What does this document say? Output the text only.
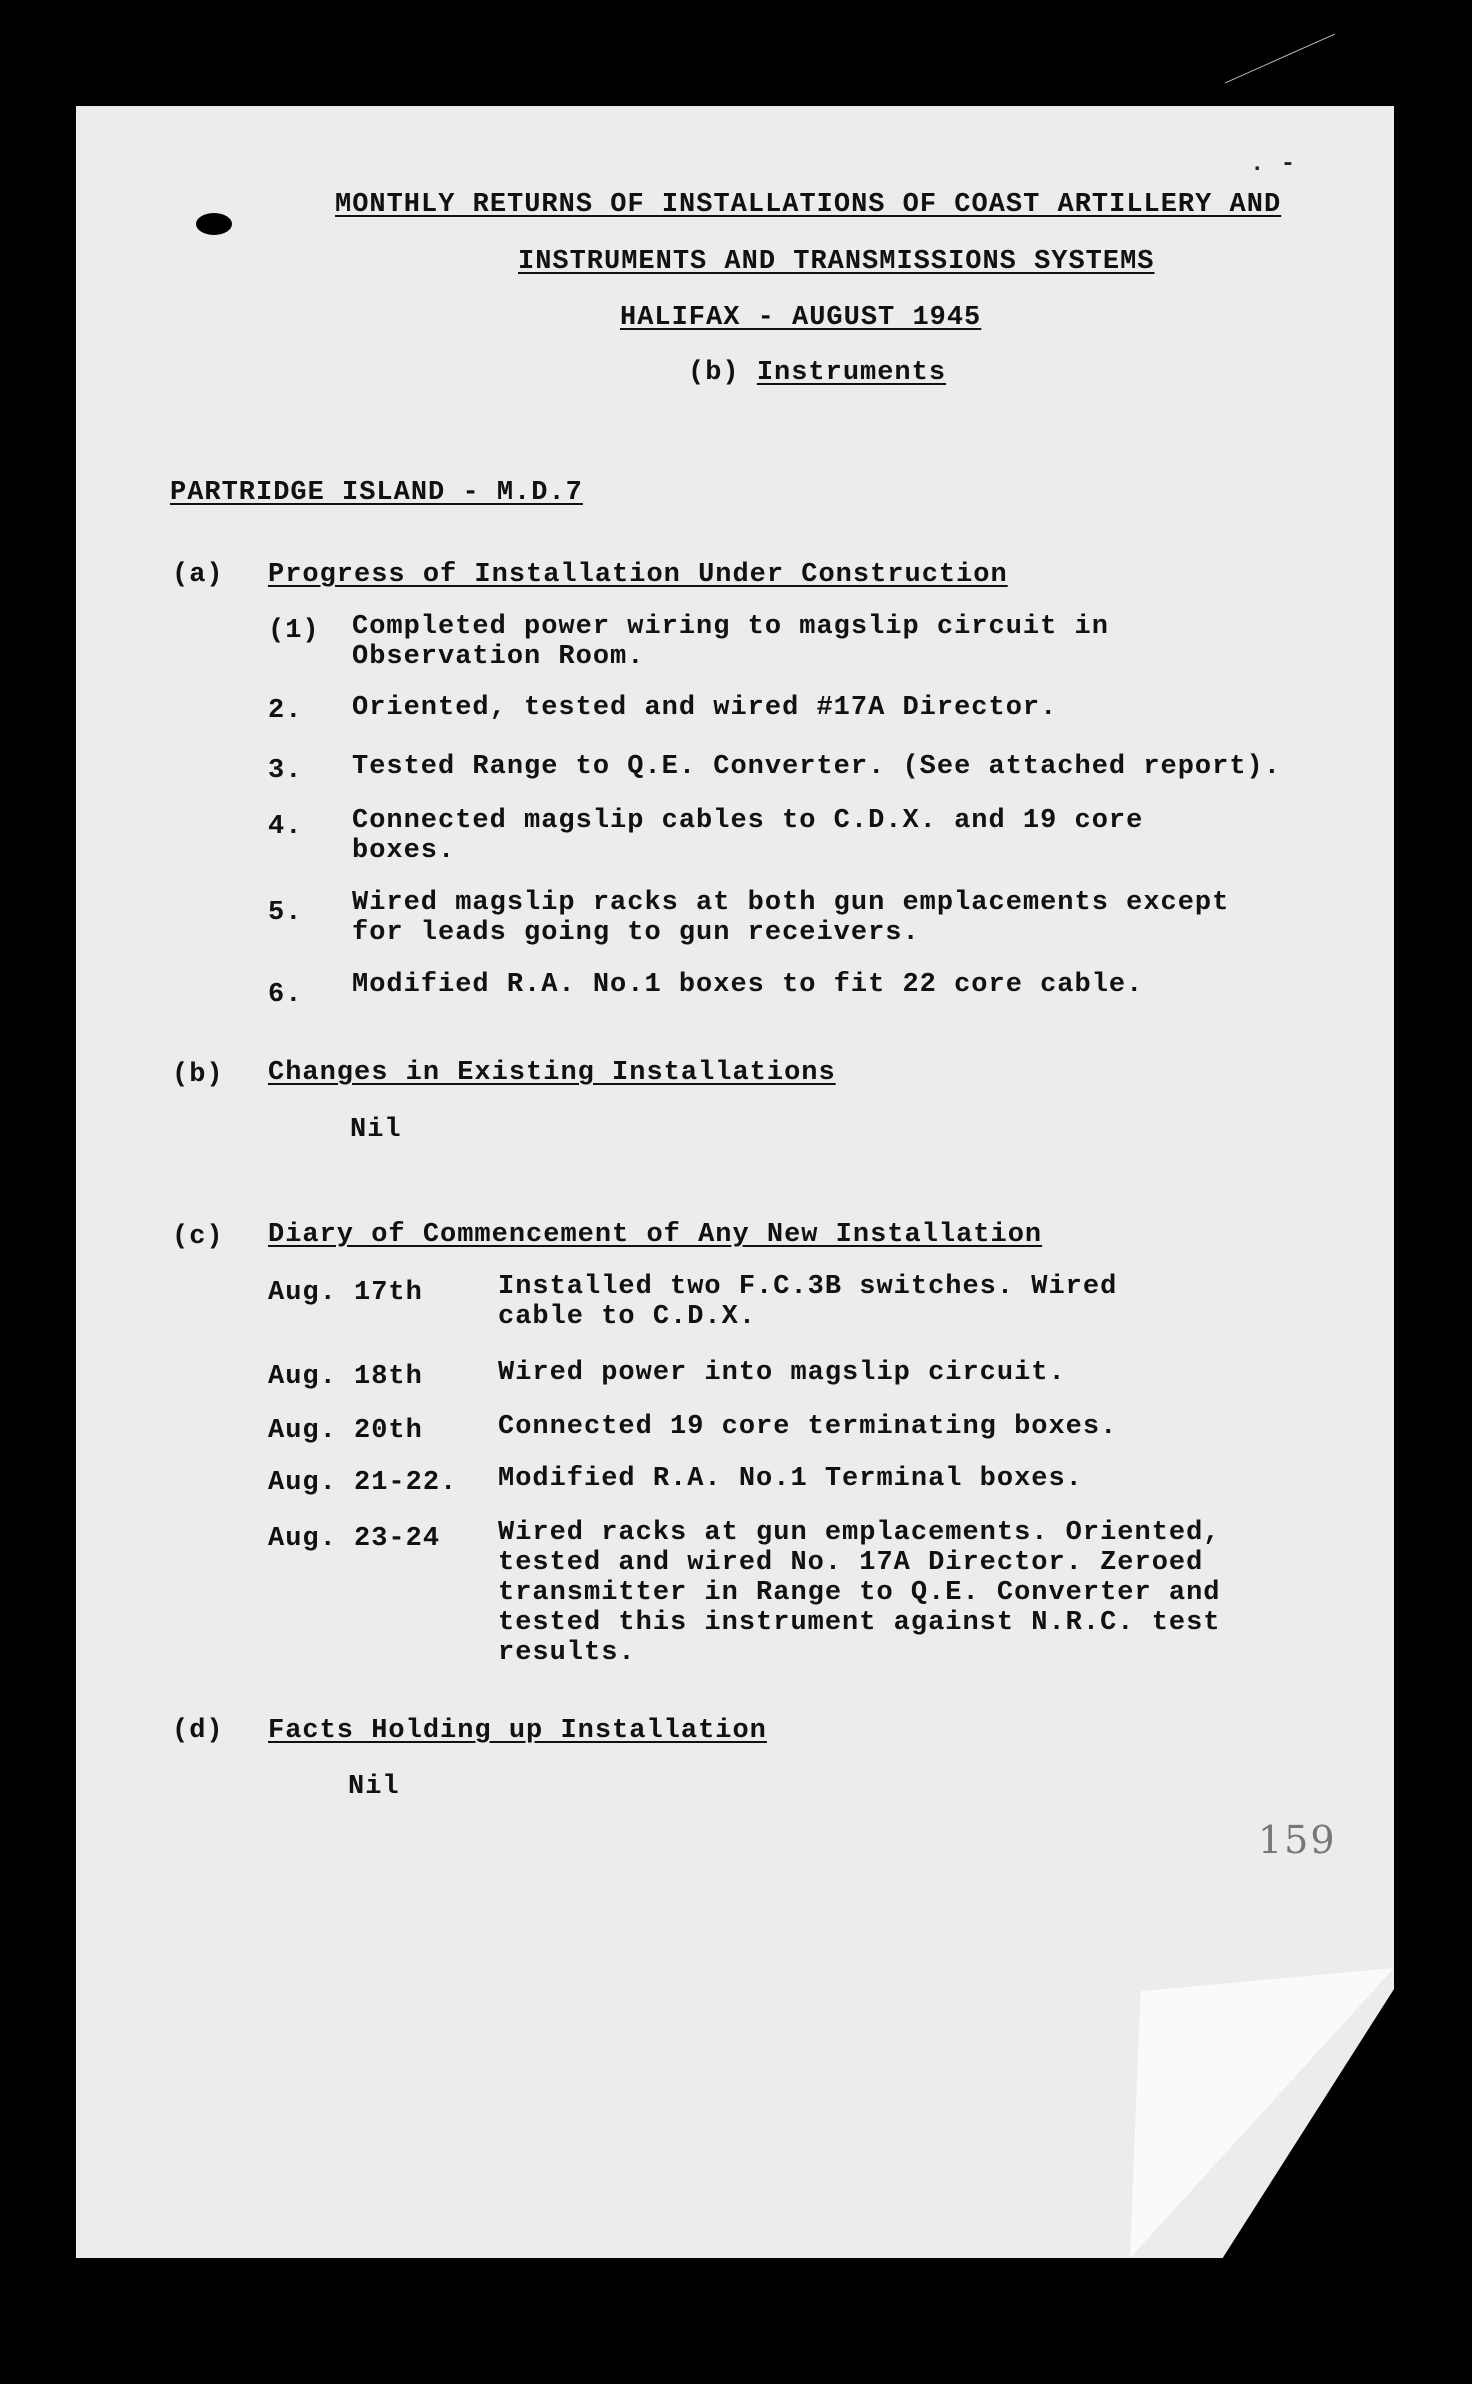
. -
MONTHLY RETURNS OF INSTALLATIONS OF COAST ARTILLERY AND
INSTRUMENTS AND TRANSMISSIONS SYSTEMS
HALIFAX - AUGUST 1945
(b) Instruments
PARTRIDGE ISLAND - M.D.7
(a) Progress of Installation Under Construction
(1) Completed power wiring to magslip circuit in
Observation Room.
2. Oriented, tested and wired #17A Director.
3. Tested Range to Q.E. Converter. (See attached report).
4. Connected magslip cables to C.D.X. and 19 core
boxes.
5. Wired magslip racks at both gun emplacements except
for leads going to gun receivers.
6. Modified R.A. No.1 boxes to fit 22 core cable.
(b) Changes in Existing Installations
Nil
(c) Diary of Commencement of Any New Installation
Aug. 17th	Installed two F.C.3B switches. Wired
cable to C.D.X.
Aug. 18th	Wired power into magslip circuit.
Aug. 20th	Connected 19 core terminating boxes.
Aug. 21-22. Modified R.A. No.1 Terminal boxes.
Aug. 23-24 Wired racks at gun emplacements. Oriented,
tested and wired No. 17A Director. Zeroed
transmitter in Range to Q.E. Converter and
tested this instrument against N.R.C. test
results.
(d) Facts Holding up Installation
Nil
159
